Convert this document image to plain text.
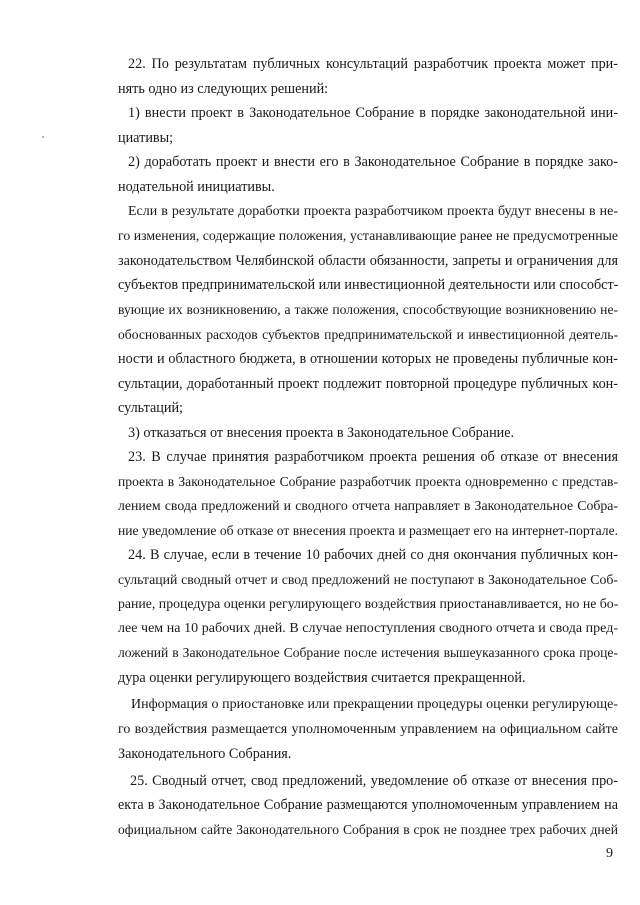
22. По результатам публичных консультаций разработчик проекта может при-
нять одно из следующих решений:
1) внести проект в Законодательное Собрание в порядке законодательной ини-
циативы;
2) доработать проект и внести его в Законодательное Собрание в порядке зако-
нодательной инициативы.
Если в результате доработки проекта разработчиком проекта будут внесены в не-
го изменения, содержащие положения, устанавливающие ранее не предусмотренные
законодательством Челябинской области обязанности, запреты и ограничения для
субъектов предпринимательской или инвестиционной деятельности или способст-
вующие их возникновению, а также положения, способствующие возникновению не-
обоснованных расходов субъектов предпринимательской и инвестиционной деятель-
ности и областного бюджета, в отношении которых не проведены публичные кон-
сультации, доработанный проект подлежит повторной процедуре публичных кон-
сультаций;
3) отказаться от внесения проекта в Законодательное Собрание.
23. В случае принятия разработчиком проекта решения об отказе от внесения
проекта в Законодательное Собрание разработчик проекта одновременно с представ-
лением свода предложений и сводного отчета направляет в Законодательное Собра-
ние уведомление об отказе от внесения проекта и размещает его на интернет-портале.
24. В случае, если в течение 10 рабочих дней со дня окончания публичных кон-
сультаций сводный отчет и свод предложений не поступают в Законодательное Соб-
рание, процедура оценки регулирующего воздействия приостанавливается, но не бо-
лее чем на 10 рабочих дней. В случае непоступления сводного отчета и свода пред-
ложений в Законодательное Собрание после истечения вышеуказанного срока проце-
дура оценки регулирующего воздействия считается прекращенной.
Информация о приостановке или прекращении процедуры оценки регулирующе-
го воздействия размещается уполномоченным управлением на официальном сайте
Законодательного Собрания.
25. Сводный отчет, свод предложений, уведомление об отказе от внесения про-
екта в Законодательное Собрание размещаются уполномоченным управлением на
официальном сайте Законодательного Собрания в срок не позднее трех рабочих дней
9
